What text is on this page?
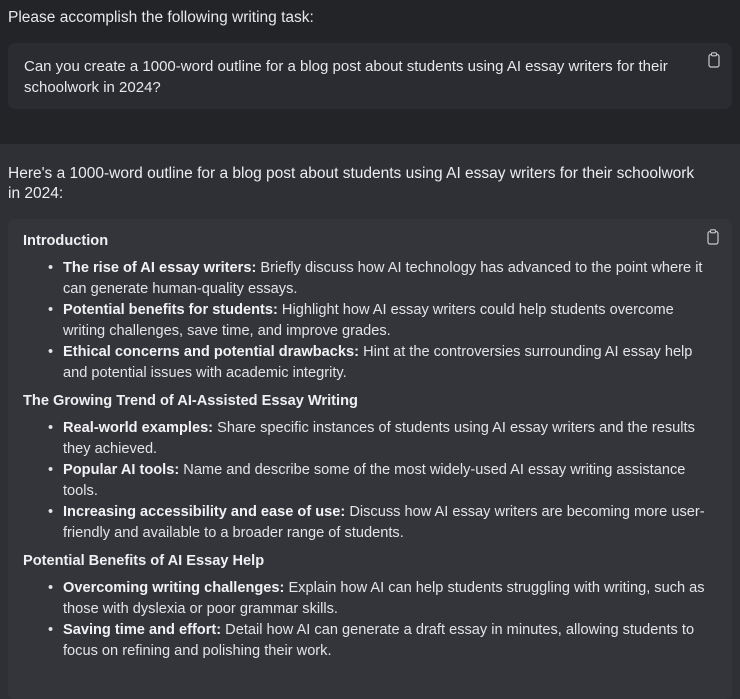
Please accomplish the following writing task:
Can you create a 1000-word outline for a blog post about students using AI essay writers for their schoolwork in 2024?
Here's a 1000-word outline for a blog post about students using AI essay writers for their schoolwork in 2024:
Introduction
• The rise of AI essay writers: Briefly discuss how AI technology has advanced to the point where it can generate human-quality essays.
• Potential benefits for students: Highlight how AI essay writers could help students overcome writing challenges, save time, and improve grades.
• Ethical concerns and potential drawbacks: Hint at the controversies surrounding AI essay help and potential issues with academic integrity.
The Growing Trend of AI-Assisted Essay Writing
• Real-world examples: Share specific instances of students using AI essay writers and the results they achieved.
• Popular AI tools: Name and describe some of the most widely-used AI essay writing assistance tools.
• Increasing accessibility and ease of use: Discuss how AI essay writers are becoming more user-friendly and available to a broader range of students.
Potential Benefits of AI Essay Help
• Overcoming writing challenges: Explain how AI can help students struggling with writing, such as those with dyslexia or poor grammar skills.
• Saving time and effort: Detail how AI can generate a draft essay in minutes, allowing students to focus on refining and polishing their work.
